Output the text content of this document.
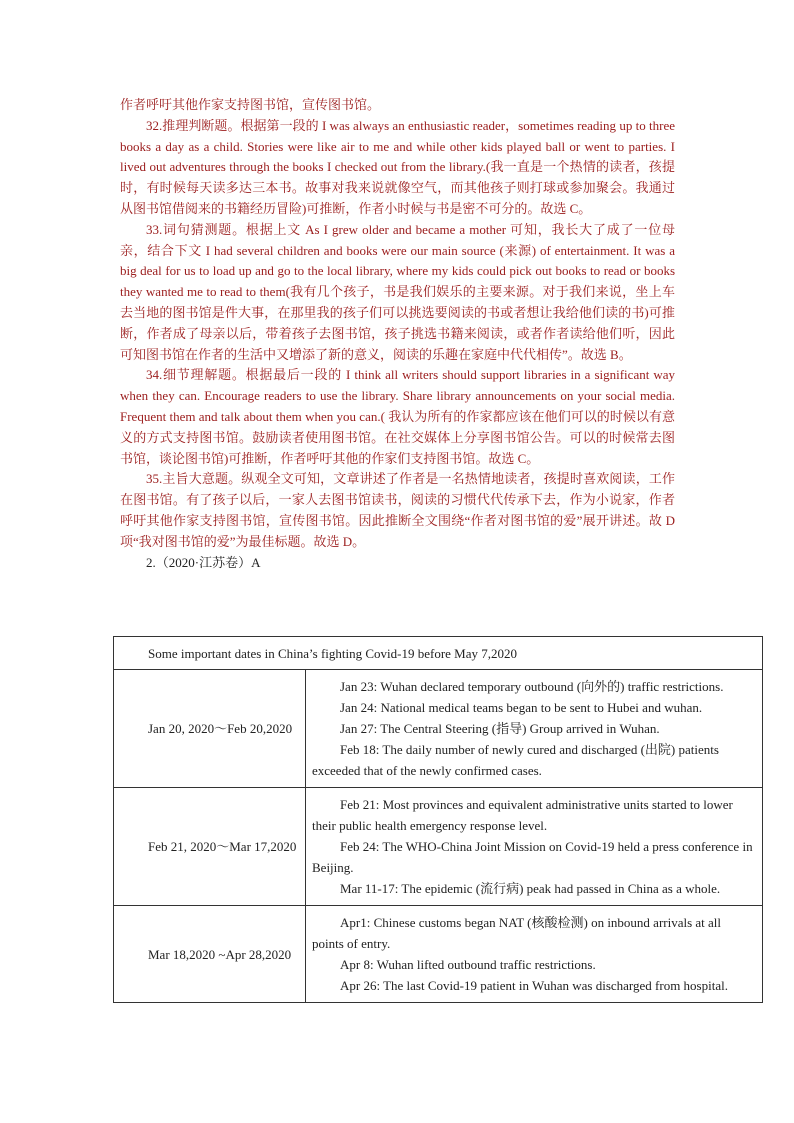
作者呼吁其他作家支持图书馆，宣传图书馆。

32.推理判断题。根据第一段的 I was always an enthusiastic reader，sometimes reading up to three books a day as a child. Stories were like air to me and while other kids played ball or went to parties. I lived out adventures through the books I checked out from the library.(我一直是一个热情的读者，孩提时，有时候每天读多达三本书。故事对我来说就像空气，而其他孩子则打球或参加聚会。我通过从图书馆借阅来的书籍经历冒险)可推断，作者小时候与书是密不可分的。故选 C。

33.词句猜测题。根据上文 As I grew older and became a mother 可知，我长大了成了一位母亲，结合下文 I had several children and books were our main source (来源) of entertainment. It was a big deal for us to load up and go to the local library, where my kids could pick out books to read or books they wanted me to read to them(我有几个孩子，书是我们娱乐的主要来源。对于我们来说，坐上车去当地的图书馆是件大事，在那里我的孩子们可以挑选要阅读的书或者想让我给他们读的书)可推断，作者成了母亲以后，带着孩子去图书馆，孩子挑选书籍来阅读，或者作者读给他们听，因此可知图书馆在作者的生活中又增添了新的意义，阅读的乐趣在家庭中代代相传”。故选 B。

34.细节理解题。根据最后一段的 I think all writers should support libraries in a significant way when they can. Encourage readers to use the library. Share library announcements on your social media. Frequent them and talk about them when you can.( 我认为所有的作家都应该在他们可以的时候以有意义的方式支持图书馆。鼓励读者使用图书馆。在社交媒体上分享图书馆公告。可以的时候常去图书馆，谈论图书馆)可推断，作者呼吁其他的作家们支持图书馆。故选 C。

35.主旨大意题。纵观全文可知，文章讲述了作者是一名热情地读者，孩提时喜欢阅读，工作在图书馆。有了孩子以后，一家人去图书馆读书，阅读的习惯代代传承下去，作为小说家，作者呼吁其他作家支持图书馆，宣传图书馆。因此推断全文围绕“作者对图书馆的爱”展开讲述。故 D 项“我对图书馆的爱”为最佳标题。故选 D。

2.（2020·江苏卷）A

Some important dates in China’s fighting Covid-19 before May 7,2020	

Jan 20, 2020～Feb 20,2020	Jan 23: Wuhan declared temporary outbound (向外的) traffic restrictions.

Jan 24: National medical teams began to be sent to Hubei and wuhan.

Jan 27: The Central Steering (指导) Group arrived in Wuhan.

Feb 18: The daily number of newly cured and discharged (出院) patients exceeded that of the newly confirmed cases.

Feb 21, 2020～Mar 17,2020	Feb 21: Most provinces and equivalent administrative units started to lower their public health emergency response level.

Feb 24: The WHO-China Joint Mission on Covid-19 held a press conference in Beijing.

Mar 11-17: The epidemic (流行病) peak had passed in China as a whole.

Mar 18,2020 ~Apr 28,2020	Apr1: Chinese customs began NAT (核酸检测) on inbound arrivals at all points of entry.

Apr 8: Wuhan lifted outbound traffic restrictions.

Apr 26: The last Covid-19 patient in Wuhan was discharged from hospital.
